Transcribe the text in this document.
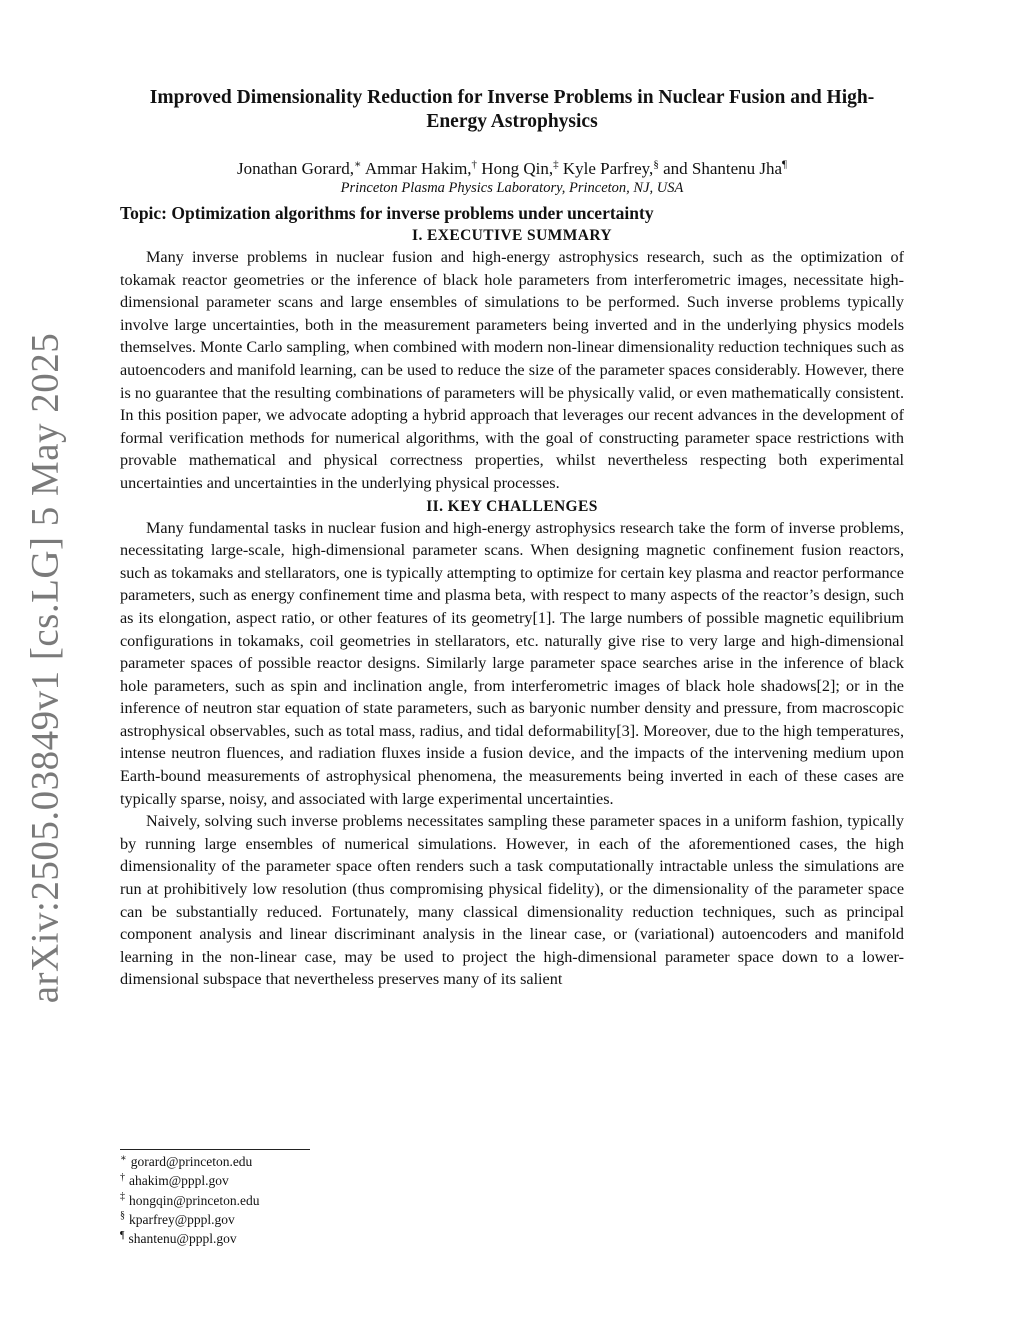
arXiv:2505.03849v1 [cs.LG] 5 May 2025
Improved Dimensionality Reduction for Inverse Problems in Nuclear Fusion and High-Energy Astrophysics
Jonathan Gorard,∗ Ammar Hakim,† Hong Qin,‡ Kyle Parfrey,§ and Shantenu Jha¶
Princeton Plasma Physics Laboratory, Princeton, NJ, USA
Topic: Optimization algorithms for inverse problems under uncertainty
I. EXECUTIVE SUMMARY

Many inverse problems in nuclear fusion and high-energy astrophysics research, such as the optimization of tokamak reactor geometries or the inference of black hole parameters from interferometric images, necessitate high-dimensional parameter scans and large ensembles of simulations to be performed. Such inverse problems typically involve large uncertainties, both in the measurement parameters being inverted and in the underlying physics models themselves. Monte Carlo sampling, when combined with modern non-linear dimensionality reduction techniques such as autoencoders and manifold learning, can be used to reduce the size of the parameter spaces considerably. However, there is no guarantee that the resulting combinations of parameters will be physically valid, or even mathematically consistent. In this position paper, we advocate adopting a hybrid approach that leverages our recent advances in the development of formal verification methods for numerical algorithms, with the goal of constructing parameter space restrictions with provable mathematical and physical correctness properties, whilst nevertheless respecting both experimental uncertainties and uncertainties in the underlying physical processes.

II. KEY CHALLENGES

Many fundamental tasks in nuclear fusion and high-energy astrophysics research take the form of inverse problems, necessitating large-scale, high-dimensional parameter scans. When designing magnetic confinement fusion reactors, such as tokamaks and stellarators, one is typically attempting to optimize for certain key plasma and reactor performance parameters, such as energy confinement time and plasma beta, with respect to many aspects of the reactor’s design, such as its elongation, aspect ratio, or other features of its geometry[1]. The large numbers of possible magnetic equilibrium configurations in tokamaks, coil geometries in stellarators, etc. naturally give rise to very large and high-dimensional parameter spaces of possible reactor designs. Similarly large parameter space searches arise in the inference of black hole parameters, such as spin and inclination angle, from interferometric images of black hole shadows[2]; or in the inference of neutron star equation of state parameters, such as baryonic number density and pressure, from macroscopic astrophysical observables, such as total mass, radius, and tidal deformability[3]. Moreover, due to the high temperatures, intense neutron fluences, and radiation fluxes inside a fusion device, and the impacts of the intervening medium upon Earth-bound measurements of astrophysical phenomena, the measurements being inverted in each of these cases are typically sparse, noisy, and associated with large experimental uncertainties.

Naively, solving such inverse problems necessitates sampling these parameter spaces in a uniform fashion, typically by running large ensembles of numerical simulations. However, in each of the aforementioned cases, the high dimensionality of the parameter space often renders such a task computationally intractable unless the simulations are run at prohibitively low resolution (thus compromising physical fidelity), or the dimensionality of the parameter space can be substantially reduced. Fortunately, many classical dimensionality reduction techniques, such as principal component analysis and linear discriminant analysis in the linear case, or (variational) autoencoders and manifold learning in the non-linear case, may be used to project the high-dimensional parameter space down to a lower-dimensional subspace that nevertheless preserves many of its salient

∗ gorard@princeton.edu
† ahakim@pppl.gov
‡ hongqin@princeton.edu
§ kparfrey@pppl.gov
¶ shantenu@pppl.gov
